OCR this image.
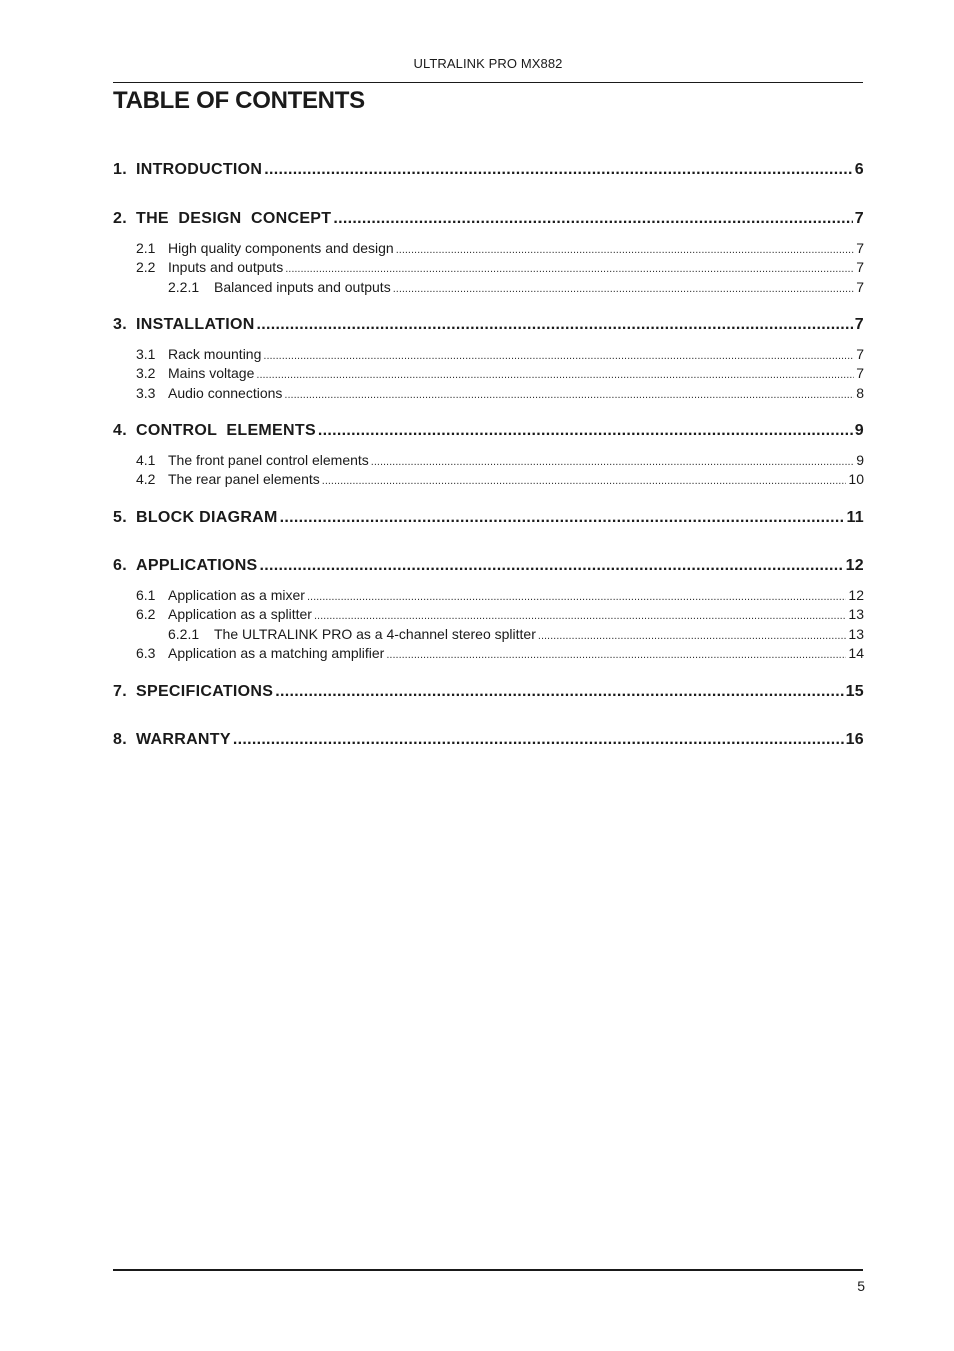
ULTRALINK PRO MX882
TABLE OF CONTENTS
1. INTRODUCTION .....	6
2. THE  DESIGN  CONCEPT .....	7
2.1 High quality components and design .....	7
2.2 Inputs and outputs .....	7
2.2.1	Balanced inputs and outputs .....	7
3. INSTALLATION .....	7
3.1 Rack mounting .....	7
3.2 Mains voltage .....	7
3.3 Audio connections .....	8
4. CONTROL  ELEMENTS .....	9
4.1 The front panel control elements .....	9
4.2 The rear panel elements .....	10
5. BLOCK DIAGRAM .....	11
6. APPLICATIONS .....	12
6.1 Application as a mixer .....	12
6.2 Application as a splitter .....	13
6.2.1	The ULTRALINK PRO as a 4-channel stereo splitter .....	13
6.3 Application as a matching amplifier .....	14
7. SPECIFICATIONS .....	15
8. WARRANTY .....	16
5
